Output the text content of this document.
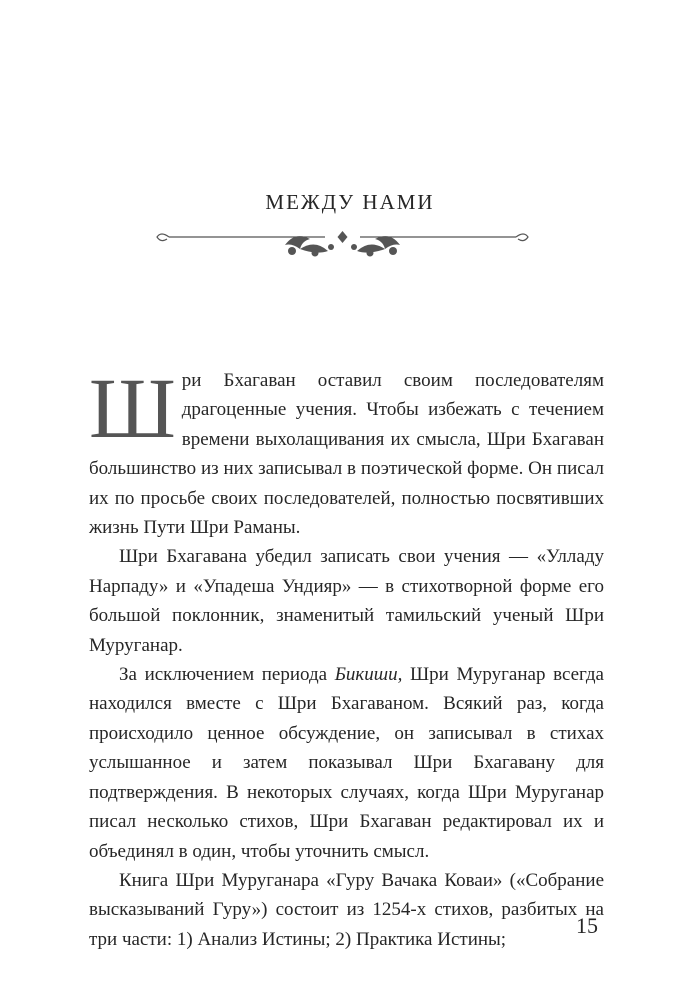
МЕЖДУ НАМИ

Шри Бхагаван оставил своим последователям драгоценные учения. Чтобы избежать с течением времени выхолащивания их смысла, Шри Бхагаван большинство из них записывал в поэтической форме. Он писал их по просьбе своих последователей, полностью посвятивших жизнь Пути Шри Раманы.

Шри Бхагавана убедил записать свои учения — «Улладу Нарпаду» и «Упадеша Ундияр» — в стихотворной форме его большой поклонник, знаменитый тамильский ученый Шри Муруганар.

За исключением периода Бикиши, Шри Муруганар всегда находился вместе с Шри Бхагаваном. Всякий раз, когда происходило ценное обсуждение, он записывал в стихах услышанное и затем показывал Шри Бхагавану для подтверждения. В некоторых случаях, когда Шри Муруганар писал несколько стихов, Шри Бхагаван редактировал их и объединял в один, чтобы уточнить смысл.

Книга Шри Муруганара «Гуру Вачака Коваи» («Собрание высказываний Гуру») состоит из 1254-х стихов, разбитых на три части: 1) Анализ Истины; 2) Практика Истины;

15
